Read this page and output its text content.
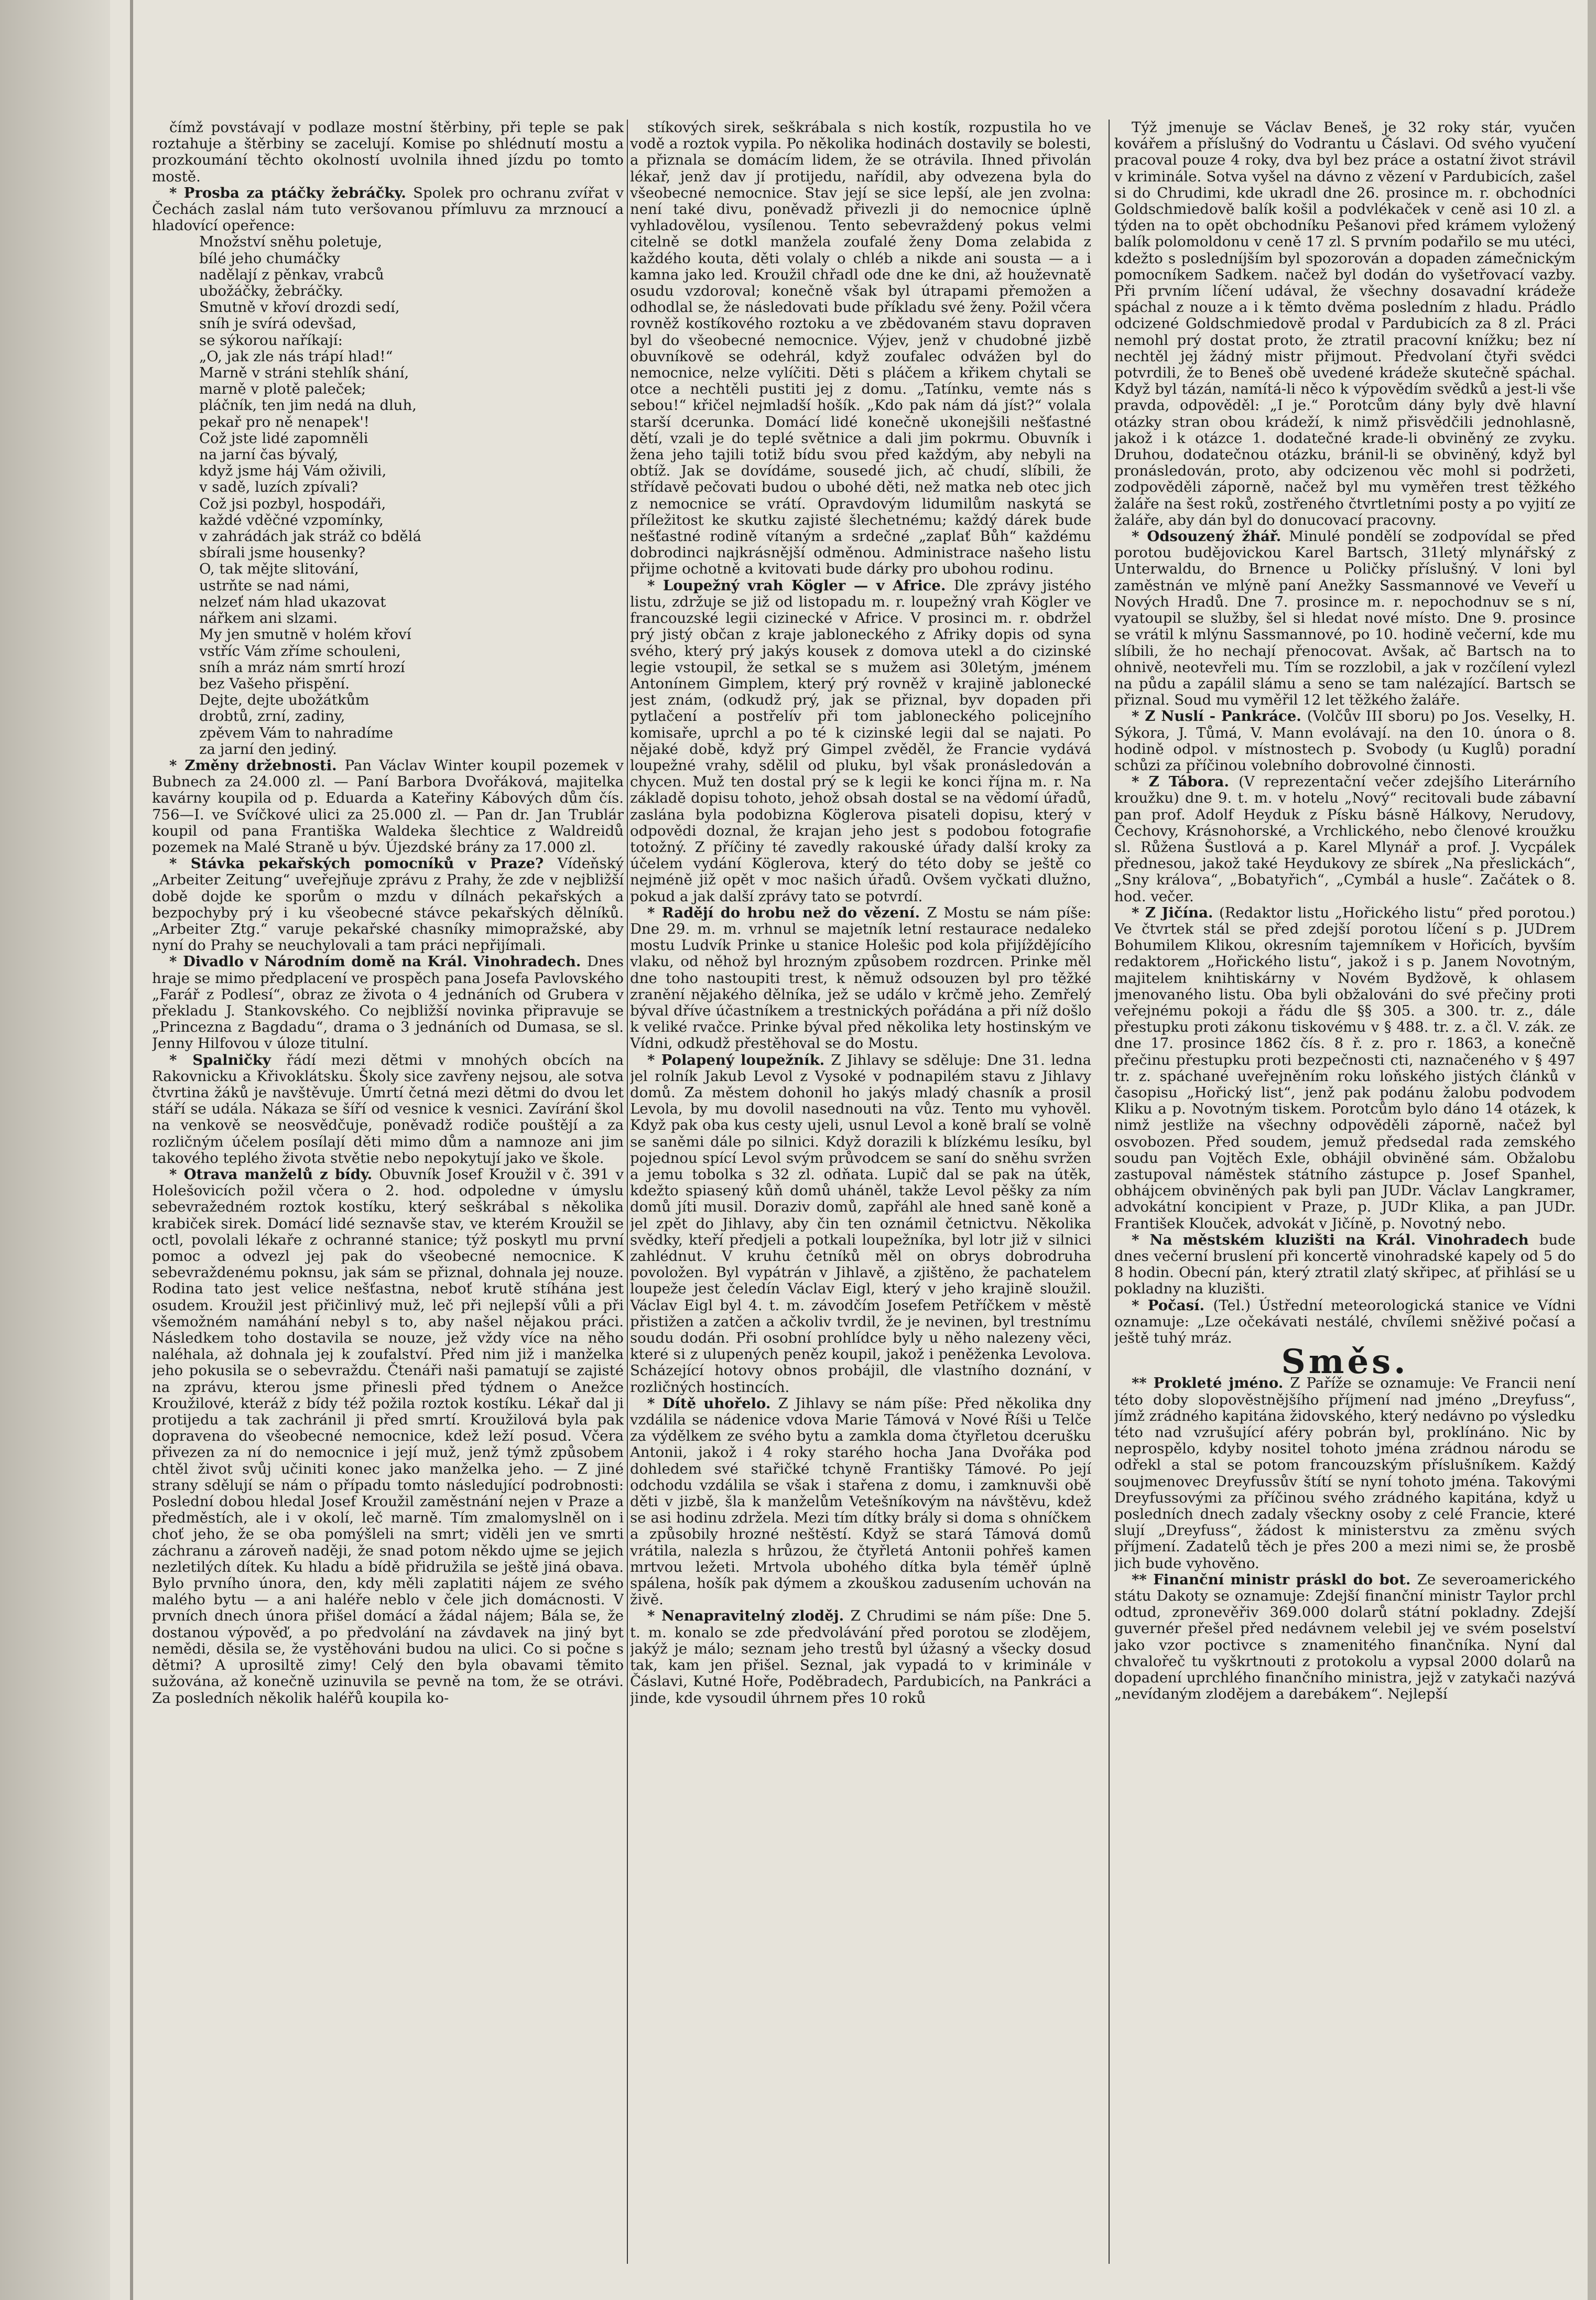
čímž povstávají v podlaze mostní štěrbiny, při teple se pak roztahuje a štěrbiny se zacelují. Komise po shlédnutí mostu a prozkoumání těchto okolností uvolnila ihned jízdu po tomto mostě.

* Prosba za ptáčky žebráčky. Spolek pro ochranu zvířat v Čechách zaslal nám tuto veršovanou přímluvu za mrznoucí a hladovící opeřence:

Množství sněhu poletuje,

bílé jeho chumáčky

nadělají z pěnkav, vrabců

ubožáčky, žebráčky.

Smutně v křoví drozdi sedí,

sníh je svírá odevšad,

se sýkorou naříkají:

„O, jak zle nás trápí hlad!“

Marně v stráni stehlík shání,

marně v plotě paleček;

pláčník, ten jim nedá na dluh,

pekař pro ně nenapek'!

Což jste lidé zapomněli

na jarní čas bývalý,

když jsme háj Vám oživili,

v sadě, luzích zpívali?

Což jsi pozbyl, hospodáři,

každé vděčné vzpomínky,

v zahrádách jak stráž co bdělá

sbírali jsme housenky?

O, tak mějte slitování,

ustrňte se nad námi,

nelzeť nám hlad ukazovat

nářkem ani slzami.

My jen smutně v holém křoví

vstříc Vám zříme schouleni,

sníh a mráz nám smrtí hrozí

bez Vašeho přispění.

Dejte, dejte ubožátkům

drobtů, zrní, zadiny,

zpěvem Vám to nahradíme

za jarní den jediný.

* Změny držebnosti. Pan Václav Winter koupil pozemek v Bubnech za 24.000 zl. — Paní Barbora Dvořáková, majitelka kavárny koupila od p. Eduarda a Kateřiny Kábových dům čís. 756—I. ve Svíčkové ulici za 25.000 zl. — Pan dr. Jan Trublár koupil od pana Františka Waldeka šlechtice z Waldreidů pozemek na Malé Straně u býv. Újezdské brány za 17.000 zl.

* Stávka pekařských pomocníků v Praze? Vídeňský „Arbeiter Zeitung“ uveřejňuje zprávu z Prahy, že zde v nejbližší době dojde ke sporům o mzdu v dílnách pekařských a bezpochyby prý i ku všeobecné stávce pekařských dělníků. „Arbeiter Ztg.“ varuje pekařské chasníky mimopražské, aby nyní do Prahy se neuchylovali a tam práci nepřijímali.

* Divadlo v Národním domě na Král. Vinohradech. Dnes hraje se mimo předplacení ve prospěch pana Josefa Pavlovského „Farář z Podlesí“, obraz ze života o 4 jednáních od Grubera v překladu J. Stankovského. Co nejbližší novinka připravuje se „Princezna z Bagdadu“, drama o 3 jednáních od Dumasa, se sl. Jenny Hilfovou v úloze titulní.

* Spalničky řádí mezi dětmi v mnohých obcích na Rakovnicku a Křivoklátsku. Školy sice zavřeny nejsou, ale sotva čtvrtina žáků je navštěvuje. Úmrtí četná mezi dětmi do dvou let stáří se udála. Nákaza se šíří od vesnice k vesnici. Zavírání škol na venkově se neosvědčuje, poněvadž rodiče pouštějí a za rozličným účelem posílají děti mimo dům a namnoze ani jim takového teplého života stvětie nebo nepokytují jako ve škole.

* Otrava manželů z bídy. Obuvník Josef Kroužil v č. 391 v Holešovicích požil včera o 2. hod. odpoledne v úmyslu sebevražedném roztok kostíku, který seškrábal s několika krabiček sirek. Domácí lidé seznavše stav, ve kterém Kroužil se octl, povolali lékaře z ochranné stanice; týž poskytl mu první pomoc a odvezl jej pak do všeobecné nemocnice. K sebevraždenému poknsu, jak sám se přiznal, dohnala jej nouze. Rodina tato jest velice nešťastna, neboť krutě stíhána jest osudem. Kroužil jest přičinlivý muž, leč při nejlepší vůli a při všemožném namáhání nebyl s to, aby našel nějakou práci. Následkem toho dostavila se nouze, jež vždy více na něho naléhala, až dohnala jej k zoufalství. Před nim již i manželka jeho pokusila se o sebevraždu. Čtenáři naši pamatují se zajisté na zprávu, kterou jsme přinesli před týdnem o Anežce Kroužilové, kteráž z bídy též požila roztok kostíku. Lékař dal ji protijedu a tak zachránil ji před smrtí. Kroužilová byla pak dopravena do všeobecné nemocnice, kdež leží posud. Včera přivezen za ní do nemocnice i její muž, jenž týmž způsobem chtěl život svůj učiniti konec jako manželka jeho. — Z jiné strany sdělují se nám o případu tomto následující podrobnosti: Poslední dobou hledal Josef Kroužil zaměstnání nejen v Praze a předměstích, ale i v okolí, leč marně. Tím zmalomyslněl on i choť jeho, že se oba pomýšleli na smrt; viděli jen ve smrti záchranu a zároveň naději, že snad potom někdo ujme se jejich nezletilých dítek. Ku hladu a bídě přidružila se ještě jiná obava. Bylo prvního února, den, kdy měli zaplatiti nájem ze svého malého bytu — a ani haléře neblo v čele jich domácnosti. V prvních dnech února přišel domácí a žádal nájem; Bála se, že dostanou výpověď, a po předvolání na závdavek na jiný byt nemědi, děsila se, že vystěhováni budou na ulici. Co si počne s dětmi? A uprosiltě zimy! Celý den byla obavami těmito sužována, až konečně uzinuvila se pevně na tom, že se otrávi. Za posledních několik haléřů koupila ko-

stíkových sirek, seškrábala s nich kostík, rozpustila ho ve vodě a roztok vypila. Po několika hodinách dostavily se bolesti, a přiznala se domácím lidem, že se otrávila. Ihned přivolán lékař, jenž dav jí protijedu, nařídil, aby odvezena byla do všeobecné nemocnice. Stav její se sice lepší, ale jen zvolna: není také divu, poněvadž přivezli ji do nemocnice úplně vyhladovělou, vysílenou. Tento sebevraždený pokus velmi citelně se dotkl manžela zoufalé ženy Doma zelabida z každého kouta, děti volaly o chléb a nikde ani sousta — a i kamna jako led. Kroužil chřadl ode dne ke dni, až houževnatě osudu vzdoroval; konečně však byl útrapami přemožen a odhodlal se, že následovati bude příkladu své ženy. Požil včera rovněž kostíkového roztoku a ve zbědovaném stavu dopraven byl do všeobecné nemocnice. Výjev, jenž v chudobné jizbě obuvníkově se odehrál, když zoufalec odvážen byl do nemocnice, nelze vylíčiti. Děti s pláčem a křikem chytali se otce a nechtěli pustiti jej z domu. „Tatínku, vemte nás s sebou!“ křičel nejmladší hošík. „Kdo pak nám dá jíst?“ volala starší dcerunka. Domácí lidé konečně ukonejšili nešťastné dětí, vzali je do teplé světnice a dali jim pokrmu. Obuvník i žena jeho tajili totiž bídu svou před každým, aby nebyli na obtíž. Jak se dovídáme, sousedé jich, ač chudí, slíbili, že střídavě pečovati budou o ubohé děti, než matka neb otec jich z nemocnice se vrátí. Opravdovým lidumilům naskytá se příležitost ke skutku zajisté šlechetnému; každý dárek bude nešťastné rodině vítaným a srdečné „zaplať Bůh“ každému dobrodinci najkrásnější odměnou. Administrace našeho listu přijme ochotně a kvitovati bude dárky pro ubohou rodinu.

* Loupežný vrah Kögler — v Africe. Dle zprávy jistého listu, zdržuje se již od listopadu m. r. loupežný vrah Kögler ve francouzské legii cizinecké v Africe. V prosinci m. r. obdržel prý jistý občan z kraje jabloneckého z Afriky dopis od syna svého, který prý jakýs kousek z domova utekl a do cizinské legie vstoupil, že setkal se s mužem asi 30letým, jménem Antonínem Gimplem, který prý rovněž v krajině jablonecké jest znám, (odkudž prý, jak se přiznal, byv dopaden při pytlačení a postřelív při tom jabloneckého policejního komisaře, uprchl a po té k cizinské legii dal se najati. Po nějaké době, když prý Gimpel zvěděl, že Francie vydává loupežné vrahy, sdělil od pluku, byl však pronásledován a chycen. Muž ten dostal prý se k legii ke konci října m. r. Na základě dopisu tohoto, jehož obsah dostal se na vědomí úřadů, zaslána byla podobizna Köglerova pisateli dopisu, který v odpovědi doznal, že krajan jeho jest s podobou fotografie totožný. Z příčiny té zavedly rakouské úřady další kroky za účelem vydání Köglerova, který do této doby se ještě co nejméně již opět v moc našich úřadů. Ovšem vyčkati dlužno, pokud a jak další zprávy tato se potvrdí.

* Radějí do hrobu než do vězení. Z Mostu se nám píše: Dne 29. m. m. vrhnul se majetník letní restaurace nedaleko mostu Ludvík Prinke u stanice Holešic pod kola přijíždějícího vlaku, od něhož byl hrozným způsobem rozdrcen. Prinke měl dne toho nastoupiti trest, k němuž odsouzen byl pro těžké zranění nějakého dělníka, jež se událo v krčmě jeho. Zemřelý býval dříve účastníkem a trestnických pořádána a při níž došlo k veliké rvačce. Prinke býval před několika lety hostinským ve Vídni, odkudž přestěhoval se do Mostu.

* Polapený loupežník. Z Jihlavy se sděluje: Dne 31. ledna jel rolník Jakub Levol z Vysoké v podnapilém stavu z Jihlavy domů. Za městem dohonil ho jakýs mladý chasník a prosil Levola, by mu dovolil nasednouti na vůz. Tento mu vyhověl. Když pak oba kus cesty ujeli, usnul Levol a koně bralí se volně se saněmi dále po silnici. Když dorazili k blízkému lesíku, byl pojednou spící Levol svým průvodcem se saní do sněhu svržen a jemu tobolka s 32 zl. odňata. Lupič dal se pak na útěk, kdežto spiasený kůň domů uháněl, takže Levol pěšky za ním domů jíti musil. Doraziv domů, zapřáhl ale hned saně koně a jel zpět do Jihlavy, aby čin ten oznámil četnictvu. Několika svědky, kteří předjeli a potkali loupežníka, byl lotr již v silnici zahlédnut. V kruhu četníků měl on obrys dobrodruha povoložen. Byl vypátrán v Jihlavě, a zjištěno, že pachatelem loupeže jest čeledín Václav Eigl, který v jeho krajině sloužil. Václav Eigl byl 4. t. m. závodčím Josefem Petříčkem v městě přistižen a zatčen a ačkoliv tvrdil, že je nevinen, byl trestnímu soudu dodán. Při osobní prohlídce byly u něho nalezeny věci, které si z ulupených peněz koupil, jakož i peněženka Levolova. Scházející hotovy obnos probájil, dle vlastního doznání, v rozličných hostincích.

* Dítě uhořelo. Z Jihlavy se nám píše: Před několika dny vzdálila se nádenice vdova Marie Támová v Nové Říši u Telče za výdělkem ze svého bytu a zamkla doma čtyřletou dcerušku Antonii, jakož i 4 roky starého hocha Jana Dvořáka pod dohledem své stařičké tchyně Františky Támové. Po její odchodu vzdálila se však i stařena z domu, i zamknuvši obě děti v jizbě, šla k manželům Vetešníkovým na návštěvu, kdež se asi hodinu zdržela. Mezi tím dítky brály si doma s ohníčkem a způsobily hrozné neštěstí. Když se stará Támová domů vrátila, nalezla s hrůzou, že čtyřletá Antonii pohřeš kamen mrtvou ležeti. Mrtvola ubohého dítka byla téměř úplně spálena, hošík pak dýmem a zkouškou zadusením uchován na živě.

* Nenapravitelný zloděj. Z Chrudimi se nám píše: Dne 5. t. m. konalo se zde předvolávání před porotou se zlodějem, jakýž je málo; seznam jeho trestů byl úžasný a všecky dosud tak, kam jen přišel. Seznal, jak vypadá to v kriminále v Čáslavi, Kutné Hoře, Poděbradech, Pardubicích, na Pankráci a jinde, kde vysoudil úhrnem přes 10 roků

Týž jmenuje se Václav Beneš, je 32 roky stár, vyučen kovářem a příslušný do Vodrantu u Čáslavi. Od svého vyučení pracoval pouze 4 roky, dva byl bez práce a ostatní život strávil v kriminále. Sotva vyšel na dávno z vězení v Pardubicích, zašel si do Chrudimi, kde ukradl dne 26. prosince m. r. obchodníci Goldschmiedově balík košil a podvlékaček v ceně asi 10 zl. a týden na to opět obchodníku Pešanovi před krámem vyložený balík polomoldonu v ceně 17 zl. S prvním podařilo se mu utéci, kdežto s posledníjším byl spozorován a dopaden zámečnickým pomocníkem Sadkem. načež byl dodán do vyšetřovací vazby. Při prvním líčení udával, že všechny dosavadní krádeže spáchal z nouze a i k těmto dvěma posledním z hladu. Prádlo odcizené Goldschmiedově prodal v Pardubicích za 8 zl. Práci nemohl prý dostat proto, že ztratil pracovní knížku; bez ní nechtěl jej žádný mistr přijmout. Předvolaní čtyři svědci potvrdili, že to Beneš obě uvedené krádeže skutečně spáchal. Když byl tázán, namítá-li něco k výpovědím svědků a jest-li vše pravda, odpověděl: „I je.“ Porotcům dány byly dvě hlavní otázky stran obou krádeží, k nimž přisvědčili jednohlasně, jakož i k otázce 1. dodatečné krade-li obviněný ze zvyku. Druhou, dodatečnou otázku, bránil-li se obviněný, když byl pronásledován, proto, aby odcizenou věc mohl si podržeti, zodpověděli záporně, načež byl mu vyměřen trest těžkého žaláře na šest roků, zostřeného čtvrtletními posty a po vyjití ze žaláře, aby dán byl do donucovací pracovny.

* Odsouzený žhář. Minulé pondělí se zodpovídal se před porotou budějovickou Karel Bartsch, 31letý mlynářský z Unterwaldu, do Brnence u Poličky příslušný. V loni byl zaměstnán ve mlýně paní Anežky Sassmannové ve Veveří u Nových Hradů. Dne 7. prosince m. r. nepochodnuv se s ní, vyatoupil se služby, šel si hledat nové místo. Dne 9. prosince se vrátil k mlýnu Sassmannové, po 10. hodině večerní, kde mu slíbili, že ho nechají přenocovat. Avšak, ač Bartsch na to ohnivě, neotevřeli mu. Tím se rozzlobil, a jak v rozčílení vylezl na půdu a zapálil slámu a seno se tam nalézající. Bartsch se přiznal. Soud mu vyměřil 12 let těžkého žaláře.

* Z Nuslí - Pankráce. (Volčův III sboru) po Jos. Veselky, H. Sýkora, J. Tůmá, V. Mann evolávají. na den 10. února o 8. hodině odpol. v místnostech p. Svobody (u Kuglů) poradní schůzi za příčinou volebního dobrovolné činnosti.

* Z Tábora. (V reprezentační večer zdejšího Literárního kroužku) dne 9. t. m. v hotelu „Nový“ recitovali bude zábavní pan prof. Adolf Heyduk z Písku básně Hálkovy, Nerudovy, Čechovy, Krásnohorské, a Vrchlického, nebo členové kroužku sl. Růžena Šustlová a p. Karel Mlynář a prof. J. Vycpálek přednesou, jakož také Heydukovy ze sbírek „Na přeslickách“, „Sny králova“, „Bobatyřich“, „Cymbál a husle“. Začátek o 8. hod. večer.

* Z Jičína. (Redaktor listu „Hořického listu“ před porotou.) Ve čtvrtek stál se před zdejší porotou líčení s p. JUDrem Bohumilem Klikou, okresním tajemníkem v Hořicích, byvším redaktorem „Hořického listu“, jakož i s p. Janem Novotným, majitelem knihtiskárny v Novém Bydžově, k ohlasem jmenovaného listu. Oba byli obžalováni do své přečiny proti veřejnému pokoji a řádu dle §§ 305. a 300. tr. z., dále přestupku proti zákonu tiskovému v § 488. tr. z. a čl. V. zák. ze dne 17. prosince 1862 čís. 8 ř. z. pro r. 1863, a konečně přečinu přestupku proti bezpečnosti cti, naznačeného v § 497 tr. z. spáchané uveřejněním roku loňského jistých článků v časopisu „Hořický list“, jenž pak podánu žalobu podvodem Kliku a p. Novotným tiskem. Porotcům bylo dáno 14 otázek, k nimž jestliže na všechny odpověděli záporně, načež byl osvobozen. Před soudem, jemuž předsedal rada zemského soudu pan Vojtěch Exle, obhájil obviněné sám. Obžalobu zastupoval náměstek státního zástupce p. Josef Spanhel, obhájcem obviněných pak byli pan JUDr. Václav Langkramer, advokátní koncipient v Praze, p. JUDr Klika, a pan JUDr. František Klouček, advokát v Jičíně, p. Novotný nebo.

* Na městském kluzišti na Král. Vinohradech bude dnes večerní bruslení při koncertě vinohradské kapely od 5 do 8 hodin. Obecní pán, který ztratil zlatý skřipec, ať přihlásí se u pokladny na kluzišti.

* Počasí. (Tel.) Ústřední meteorologická stanice ve Vídni oznamuje: „Lze očekávati nestálé, chvílemi sněživé počasí a ještě tuhý mráz.

Směs.

** Prokleté jméno. Z Paříže se oznamuje: Ve Francii není této doby slopověstnějšího příjmení nad jméno „Dreyfuss“, jímž zrádného kapitána židovského, který nedávno po výsledku této nad vzrušující aféry pobrán byl, proklínáno. Nic by neprospělo, kdyby nositel tohoto jména zrádnou národu se odřekl a stal se potom francouzským příslušníkem. Každý soujmenovec Dreyfussův štítí se nyní tohoto jména. Takovými Dreyfussovými za příčinou svého zrádného kapitána, když u posledních dnech zadaly všeckny osoby z celé Francie, které slují „Dreyfuss“, žádost k ministerstvu za změnu svých příjmení. Zadatelů těch je přes 200 a mezi nimi se, že prosbě jich bude vyhověno.

** Finanční ministr práskl do bot. Ze severoamerického státu Dakoty se oznamuje: Zdejší finanční ministr Taylor prchl odtud, zpronevěřiv 369.000 dolarů státní pokladny. Zdejší guvernér přešel před nedávnem velebil jej ve svém poselství jako vzor poctivce s znamenitého finančníka. Nyní dal chvalořeč tu vyškrtnouti z protokolu a vypsal 2000 dolarů na dopadení uprchlého finančního ministra, jejž v zatykači nazývá „nevídaným zlodějem a darebákem“. Nejlepší
